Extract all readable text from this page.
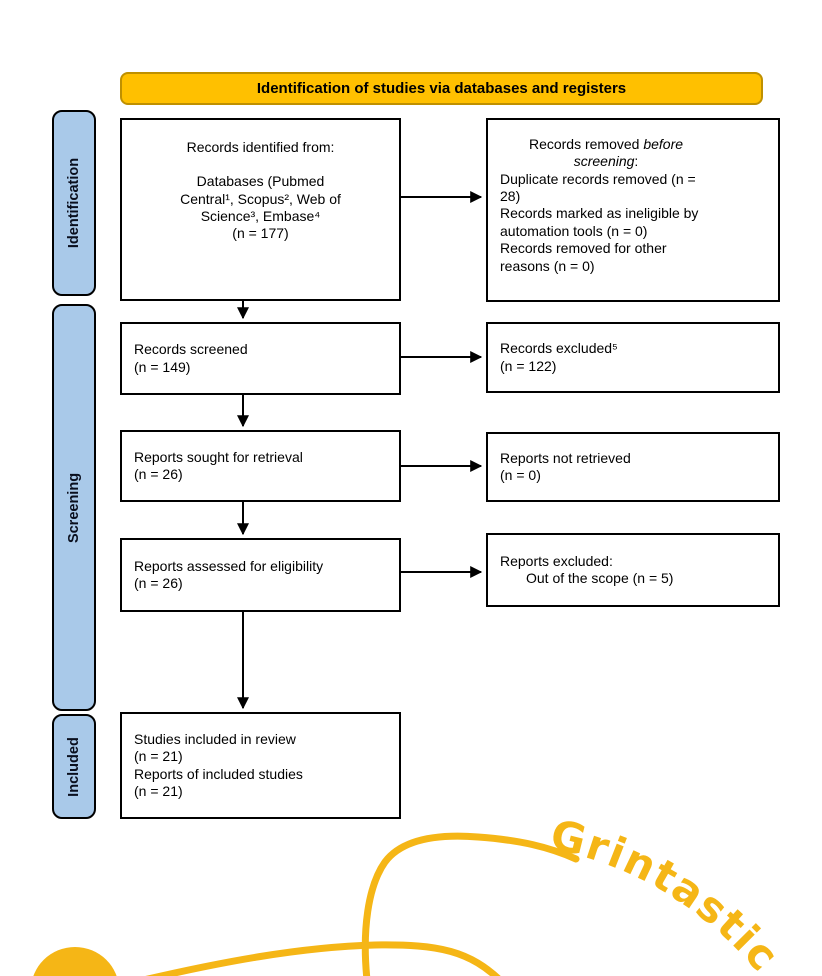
Identification of studies via databases and registers
Identification
Screening
Included
Records identified from:
Databases (Pubmed Central¹, Scopus², Web of Science³, Embase⁴
(n = 177)
Records removed before screening:
Duplicate records removed (n = 28)
Records marked as ineligible by automation tools (n = 0)
Records removed for other reasons (n = 0)
Records screened
(n = 149)
Records excluded⁵
(n = 122)
Reports sought for retrieval
(n = 26)
Reports not retrieved
(n = 0)
Reports assessed for eligibility
(n = 26)
Reports excluded:
Out of the scope (n = 5)
Studies included in review
(n = 21)
Reports of included studies
(n = 21)
Grintastic
